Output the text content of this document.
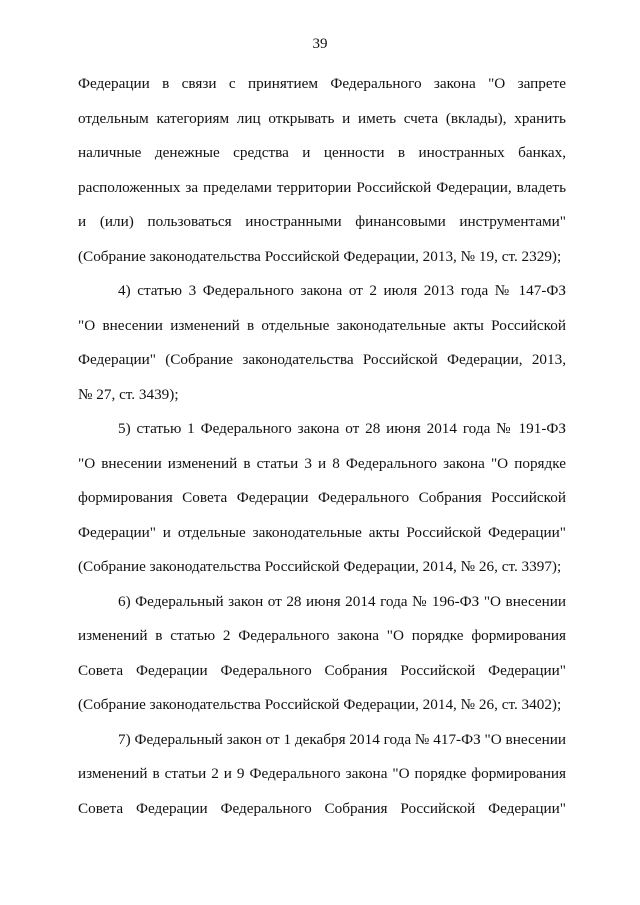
39

Федерации в связи с принятием Федерального закона "О запрете
отдельным категориям лиц открывать и иметь счета (вклады), хранить
наличные денежные средства и ценности в иностранных банках,
расположенных за пределами территории Российской Федерации, владеть
и (или) пользоваться иностранными финансовыми инструментами"
(Собрание законодательства Российской Федерации, 2013, № 19, ст. 2329);

4) статью 3 Федерального закона от 2 июля 2013 года № 147-ФЗ
"О внесении изменений в отдельные законодательные акты Российской
Федерации" (Собрание законодательства Российской Федерации, 2013,
№ 27, ст. 3439);

5) статью 1 Федерального закона от 28 июня 2014 года № 191-ФЗ
"О внесении изменений в статьи 3 и 8 Федерального закона "О порядке
формирования Совета Федерации Федерального Собрания Российской
Федерации" и отдельные законодательные акты Российской Федерации"
(Собрание законодательства Российской Федерации, 2014, № 26, ст. 3397);

6) Федеральный закон от 28 июня 2014 года № 196-ФЗ "О внесении
изменений в статью 2 Федерального закона "О порядке формирования
Совета Федерации Федерального Собрания Российской Федерации"
(Собрание законодательства Российской Федерации, 2014, № 26, ст. 3402);

7) Федеральный закон от 1 декабря 2014 года № 417-ФЗ "О внесении
изменений в статьи 2 и 9 Федерального закона "О порядке формирования
Совета Федерации Федерального Собрания Российской Федерации"
